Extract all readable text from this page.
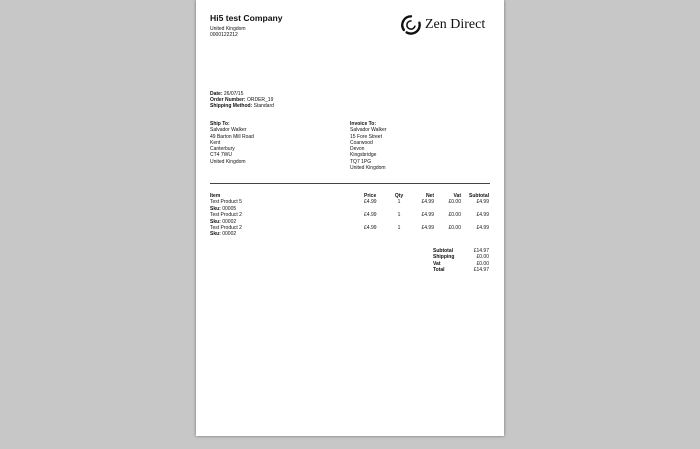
Hi5 test Company
United Kingdom
0000122212
Zen Direct
Date: 26/07/15
Order Number: ORDER_19
Shipping Method: Standard
Ship To:
Salvador Walker
49 Barton Mill Road
Kent
Canterbury
CT4 7WU
United Kingdom
Invoice To:
Salvador Walker
15 Fore Street
Coarwood
Devon
Kingsbridge
TQ7 1PG
United Kingdom
Item
Test Product 5
Sku: 00005
Test Product 2
Sku: 00002
Test Product 2
Sku: 00002
Price
£4.99

£4.99

£4.99
Qty
1

1

1
Net
£4.99

£4.99

£4.99
Vat
£0.00

£0.00

£0.00
Subtotal
£4.99

£4.99

£4.99
Subtotal
Shipping
Vat
Total
£14.97
£0.00
£0.00
£14.97
